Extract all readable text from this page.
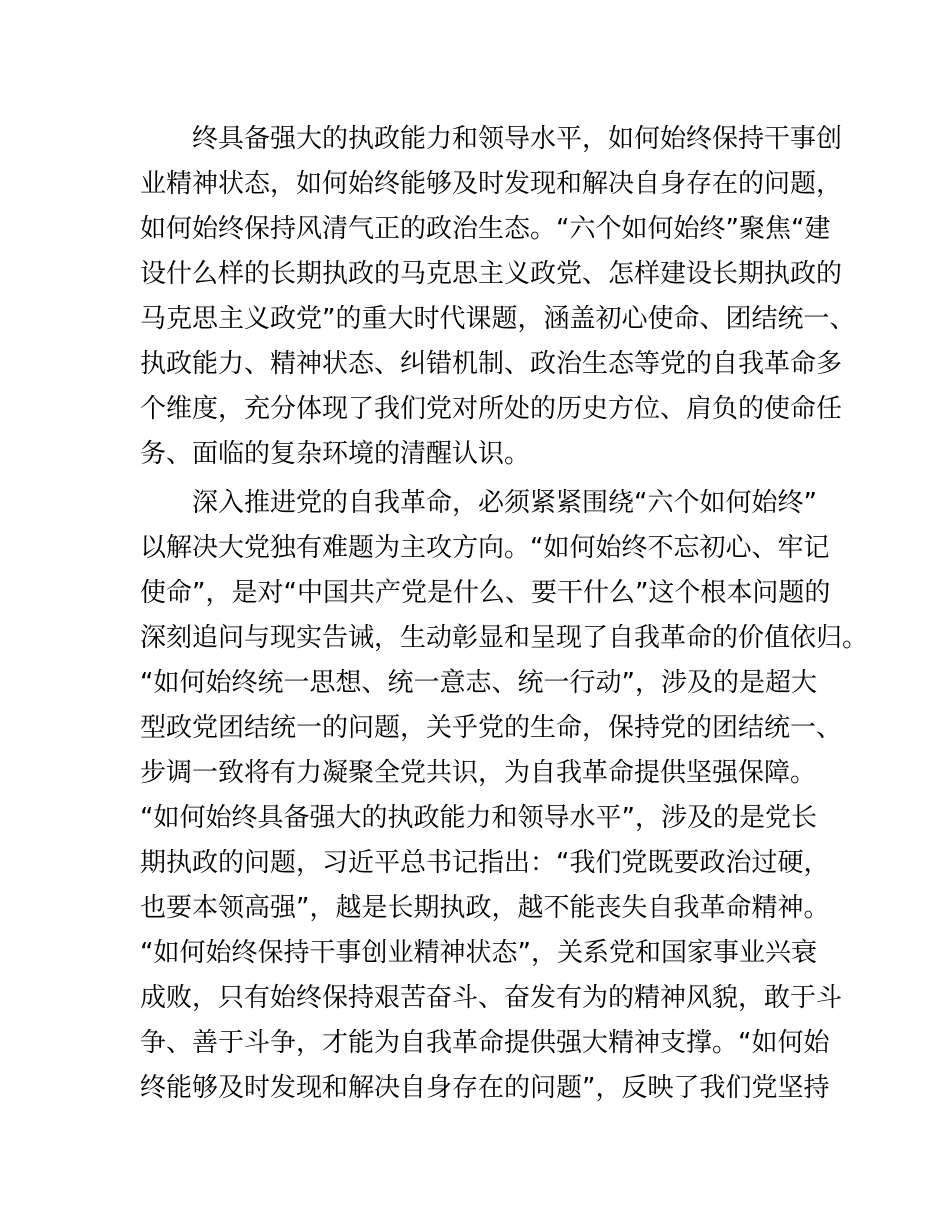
终具备强大的执政能力和领导水平，如何始终保持干事创
业精神状态，如何始终能够及时发现和解决自身存在的问题，
如何始终保持风清气正的政治生态。“六个如何始终”聚焦“建
设什么样的长期执政的马克思主义政党、怎样建设长期执政的
马克思主义政党”的重大时代课题，涵盖初心使命、团结统一、
执政能力、精神状态、纠错机制、政治生态等党的自我革命多
个维度，充分体现了我们党对所处的历史方位、肩负的使命任
务、面临的复杂环境的清醒认识。
深入推进党的自我革命，必须紧紧围绕“六个如何始终”
以解决大党独有难题为主攻方向。“如何始终不忘初心、牢记
使命”，是对“中国共产党是什么、要干什么”这个根本问题的
深刻追问与现实告诫，生动彰显和呈现了自我革命的价值依归。
“如何始终统一思想、统一意志、统一行动”，涉及的是超大
型政党团结统一的问题，关乎党的生命，保持党的团结统一、
步调一致将有力凝聚全党共识，为自我革命提供坚强保障。
“如何始终具备强大的执政能力和领导水平”，涉及的是党长
期执政的问题，习近平总书记指出：“我们党既要政治过硬，
也要本领高强”，越是长期执政，越不能丧失自我革命精神。
“如何始终保持干事创业精神状态”，关系党和国家事业兴衰
成败，只有始终保持艰苦奋斗、奋发有为的精神风貌，敢于斗
争、善于斗争，才能为自我革命提供强大精神支撑。“如何始
终能够及时发现和解决自身存在的问题”，反映了我们党坚持
